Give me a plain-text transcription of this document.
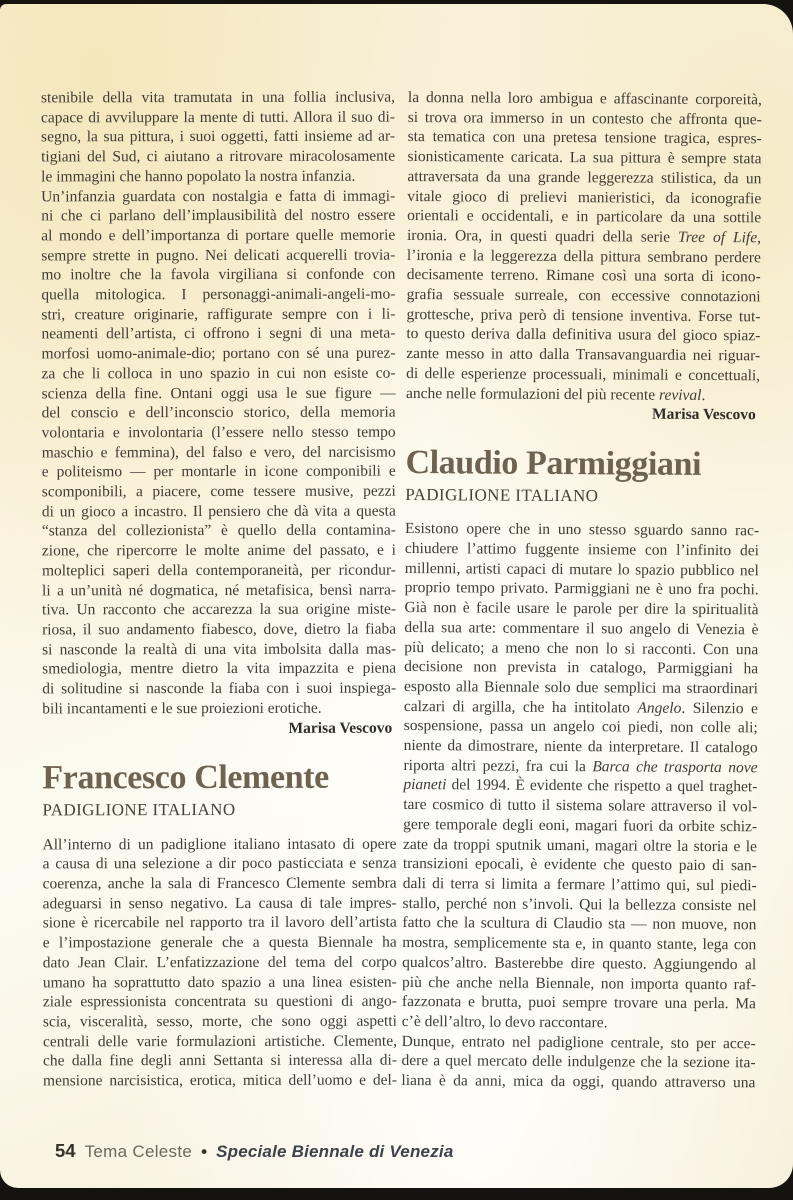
stenibile della vita tramutata in una follia inclusiva,
capace di avviluppare la mente di tutti. Allora il suo di-
segno, la sua pittura, i suoi oggetti, fatti insieme ad ar-
tigiani del Sud, ci aiutano a ritrovare miracolosamente
le immagini che hanno popolato la nostra infanzia.
Un’infanzia guardata con nostalgia e fatta di immagi-
ni che ci parlano dell’implausibilità del nostro essere
al mondo e dell’importanza di portare quelle memorie
sempre strette in pugno. Nei delicati acquerelli trovia-
mo inoltre che la favola virgiliana si confonde con
quella mitologica. I personaggi-animali-angeli-mo-
stri, creature originarie, raffigurate sempre con i li-
neamenti dell’artista, ci offrono i segni di una meta-
morfosi uomo-animale-dio; portano con sé una purez-
za che li colloca in uno spazio in cui non esiste co-
scienza della fine. Ontani oggi usa le sue figure —
del conscio e dell’inconscio storico, della memoria
volontaria e involontaria (l’essere nello stesso tempo
maschio e femmina), del falso e vero, del narcisismo
e politeismo — per montarle in icone componibili e
scomponibili, a piacere, come tessere musive, pezzi
di un gioco a incastro. Il pensiero che dà vita a questa
“stanza del collezionista” è quello della contamina-
zione, che ripercorre le molte anime del passato, e i
molteplici saperi della contemporaneità, per ricondur-
li a un’unità né dogmatica, né metafisica, bensì narra-
tiva. Un racconto che accarezza la sua origine miste-
riosa, il suo andamento fiabesco, dove, dietro la fiaba
si nasconde la realtà di una vita imbolsita dalla mas-
smediologia, mentre dietro la vita impazzita e piena
di solitudine si nasconde la fiaba con i suoi inspiega-
bili incantamenti e le sue proiezioni erotiche.
Marisa Vescovo
Francesco Clemente
PADIGLIONE ITALIANO
All’interno di un padiglione italiano intasato di opere
a causa di una selezione a dir poco pasticciata e senza
coerenza, anche la sala di Francesco Clemente sembra
adeguarsi in senso negativo. La causa di tale impres-
sione è ricercabile nel rapporto tra il lavoro dell’artista
e l’impostazione generale che a questa Biennale ha
dato Jean Clair. L’enfatizzazione del tema del corpo
umano ha soprattutto dato spazio a una linea esisten-
ziale espressionista concentrata su questioni di ango-
scia, visceralità, sesso, morte, che sono oggi aspetti
centrali delle varie formulazioni artistiche. Clemente,
che dalla fine degli anni Settanta si interessa alla di-
mensione narcisistica, erotica, mitica dell’uomo e del-
la donna nella loro ambigua e affascinante corporeità,
si trova ora immerso in un contesto che affronta que-
sta tematica con una pretesa tensione tragica, espres-
sionisticamente caricata. La sua pittura è sempre stata
attraversata da una grande leggerezza stilistica, da un
vitale gioco di prelievi manieristici, da iconografie
orientali e occidentali, e in particolare da una sottile
ironia. Ora, in questi quadri della serie Tree of Life,
l’ironia e la leggerezza della pittura sembrano perdere
decisamente terreno. Rimane così una sorta di icono-
grafia sessuale surreale, con eccessive connotazioni
grottesche, priva però di tensione inventiva. Forse tut-
to questo deriva dalla definitiva usura del gioco spiaz-
zante messo in atto dalla Transavanguardia nei riguar-
di delle esperienze processuali, minimali e concettuali,
anche nelle formulazioni del più recente revival.
Marisa Vescovo
Claudio Parmiggiani
PADIGLIONE ITALIANO
Esistono opere che in uno stesso sguardo sanno rac-
chiudere l’attimo fuggente insieme con l’infinito dei
millenni, artisti capaci di mutare lo spazio pubblico nel
proprio tempo privato. Parmiggiani ne è uno fra pochi.
Già non è facile usare le parole per dire la spiritualità
della sua arte: commentare il suo angelo di Venezia è
più delicato; a meno che non lo si racconti. Con una
decisione non prevista in catalogo, Parmiggiani ha
esposto alla Biennale solo due semplici ma straordinari
calzari di argilla, che ha intitolato Angelo. Silenzio e
sospensione, passa un angelo coi piedi, non colle ali;
niente da dimostrare, niente da interpretare. Il catalogo
riporta altri pezzi, fra cui la Barca che trasporta nove
pianeti del 1994. È evidente che rispetto a quel traghet-
tare cosmico di tutto il sistema solare attraverso il vol-
gere temporale degli eoni, magari fuori da orbite schiz-
zate da troppi sputnik umani, magari oltre la storia e le
transizioni epocali, è evidente che questo paio di san-
dali di terra si limita a fermare l’attimo qui, sul piedi-
stallo, perché non s’involi. Qui la bellezza consiste nel
fatto che la scultura di Claudio sta — non muove, non
mostra, semplicemente sta e, in quanto stante, lega con
qualcos’altro. Basterebbe dire questo. Aggiungendo al
più che anche nella Biennale, non importa quanto raf-
fazzonata e brutta, puoi sempre trovare una perla. Ma
c’è dell’altro, lo devo raccontare.
Dunque, entrato nel padiglione centrale, sto per acce-
dere a quel mercato delle indulgenze che la sezione ita-
liana è da anni, mica da oggi, quando attraverso una
54 Tema Celeste • Speciale Biennale di Venezia
